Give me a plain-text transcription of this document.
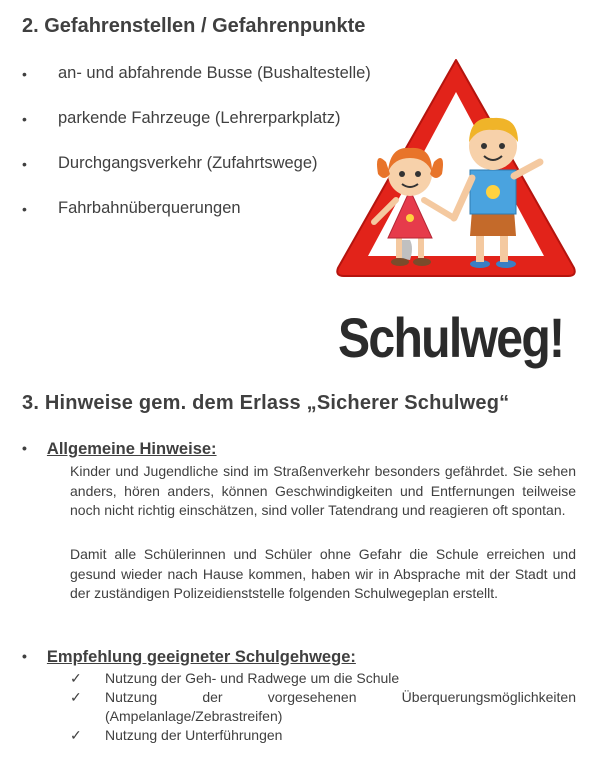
2. Gefahrenstellen / Gefahrenpunkte
• an- und abfahrende Busse (Bushaltestelle)
• parkende Fahrzeuge (Lehrerparkplatz)
• Durchgangsverkehr (Zufahrtswege)
• Fahrbahnüberquerungen
Schulweg!
3. Hinweise gem. dem Erlass „Sicherer Schulweg“
• Allgemeine Hinweise:

Kinder und Jugendliche sind im Straßenverkehr besonders gefährdet. Sie sehen anders, hören anders, können Geschwindigkeiten und Entfernungen teilweise noch nicht richtig einschätzen, sind voller Tatendrang und reagieren oft spontan.

Damit alle Schülerinnen und Schüler ohne Gefahr die Schule erreichen und gesund wieder nach Hause kommen, haben wir in Absprache mit der Stadt und der zuständigen Polizeidienststelle folgenden Schulwegeplan erstellt.

• Empfehlung geeigneter Schulgehwege:
✓ Nutzung der Geh- und Radwege um die Schule
✓ Nutzung der vorgesehenen Überquerungsmöglichkeiten (Ampelanlage/Zebrastreifen)
✓ Nutzung der Unterführungen
